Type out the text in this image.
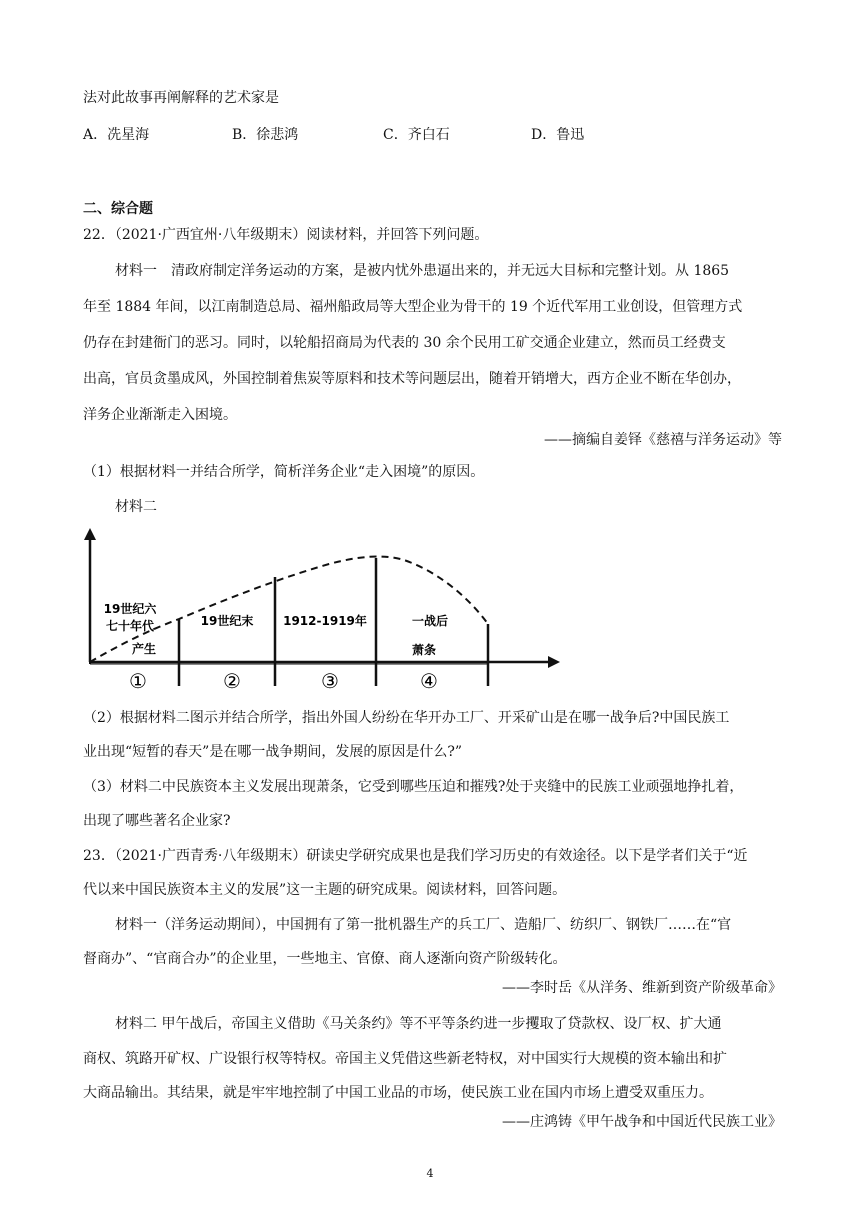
法对此故事再阐解释的艺术家是
A．冼星海	B．徐悲鸿	C．齐白石	D．鲁迅
二、综合题
22．（2021·广西宜州·八年级期末）阅读材料，并回答下列问题。
材料一　清政府制定洋务运动的方案，是被内忧外患逼出来的，并无远大目标和完整计划。从 1865
年至 1884 年间，以江南制造总局、福州船政局等大型企业为骨干的 19 个近代军用工业创设，但管理方式
仍存在封建衙门的恶习。同时，以轮船招商局为代表的 30 余个民用工矿交通企业建立，然而员工经费支
出高，官员贪墨成风，外国控制着焦炭等原料和技术等问题层出，随着开销增大，西方企业不断在华创办，
洋务企业渐渐走入困境。
——摘编自姜铎《慈禧与洋务运动》等
（1）根据材料一并结合所学，简析洋务企业“走入困境”的原因。
材料二
19世纪六
七十年代
产生
19世纪末 1912-1919年	一战后
萧条
①	②	③	④
（2）根据材料二图示并结合所学，指出外国人纷纷在华开办工厂、开采矿山是在哪一战争后?中国民族工
业出现“短暂的春天”是在哪一战争期间，发展的原因是什么?”
（3）材料二中民族资本主义发展出现萧条，它受到哪些压迫和摧残?处于夹缝中的民族工业顽强地挣扎着，
出现了哪些著名企业家?
23．（2021·广西青秀·八年级期末）研读史学研究成果也是我们学习历史的有效途径。以下是学者们关于“近
代以来中国民族资本主义的发展”这一主题的研究成果。阅读材料，回答问题。
材料一（洋务运动期间），中国拥有了第一批机器生产的兵工厂、造船厂、纺织厂、钢铁厂……在“官
督商办”、“官商合办”的企业里，一些地主、官僚、商人逐渐向资产阶级转化。
——李时岳《从洋务、维新到资产阶级革命》
材料二 甲午战后，帝国主义借助《马关条约》等不平等条约进一步攫取了贷款权、设厂权、扩大通
商权、筑路开矿权、广设银行权等特权。帝国主义凭借这些新老特权，对中国实行大规模的资本输出和扩
大商品输出。其结果，就是牢牢地控制了中国工业品的市场，使民族工业在国内市场上遭受双重压力。
——庄鸿铸《甲午战争和中国近代民族工业》
4
